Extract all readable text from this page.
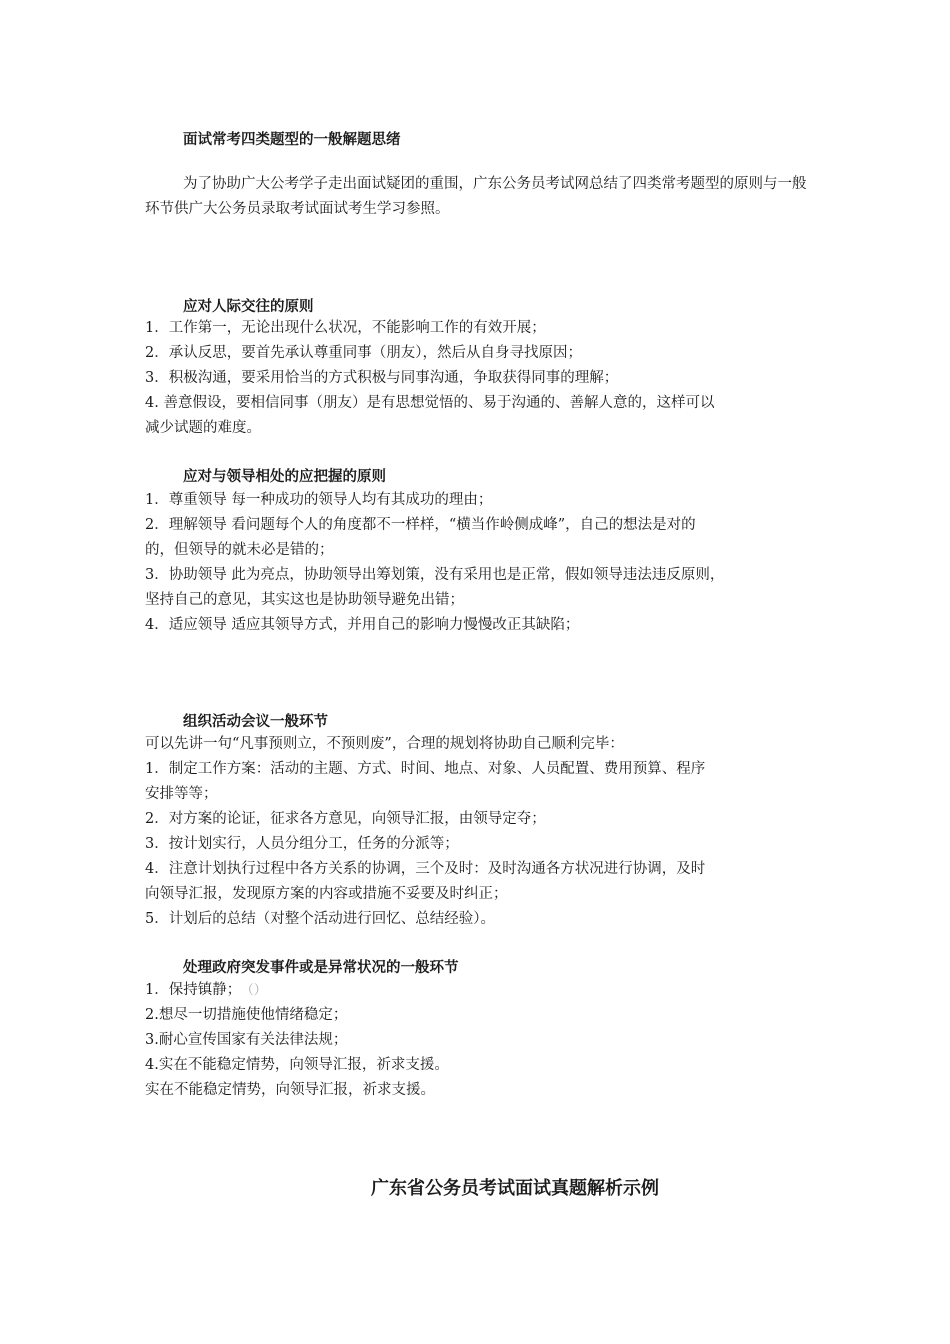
面试常考四类题型的一般解题思绪
为了协助广大公考学子走出面试疑团的重围，广东公务员考试网总结了四类常考题型的原则与一般环节供广大公务员录取考试面试考生学习参照。
应对人际交往的原则
1．工作第一，无论出现什么状况，不能影响工作的有效开展；
2．承认反思，要首先承认尊重同事（朋友），然后从自身寻找原因；
3．积极沟通，要采用恰当的方式积极与同事沟通，争取获得同事的理解；
4. 善意假设，要相信同事（朋友）是有思想觉悟的、易于沟通的、善解人意的，这样可以
减少试题的难度。
应对与领导相处的应把握的原则
1．尊重领导 每一种成功的领导人均有其成功的理由；
2．理解领导 看问题每个人的角度都不一样样，“横当作岭侧成峰”，自己的想法是对的
的，但领导的就未必是错的；
3．协助领导 此为亮点，协助领导出筹划策，没有采用也是正常，假如领导违法违反原则，
坚持自己的意见，其实这也是协助领导避免出错；
4．适应领导 适应其领导方式，并用自己的影响力慢慢改正其缺陷；
组织活动会议一般环节
可以先讲一句“凡事预则立，不预则废”，合理的规划将协助自己顺利完毕：
1．制定工作方案：活动的主题、方式、时间、地点、对象、人员配置、费用预算、程序
安排等等；
2．对方案的论证，征求各方意见，向领导汇报，由领导定夺；
3．按计划实行，人员分组分工，任务的分派等；
4．注意计划执行过程中各方关系的协调，三个及时：及时沟通各方状况进行协调，及时
向领导汇报，发现原方案的内容或措施不妥要及时纠正；
5．计划后的总结（对整个活动进行回忆、总结经验）。
处理政府突发事件或是异常状况的一般环节
1．保持镇静； （）
2.想尽一切措施使他情绪稳定；
3.耐心宣传国家有关法律法规；
4.实在不能稳定情势，向领导汇报，祈求支援。
实在不能稳定情势，向领导汇报，祈求支援。
广东省公务员考试面试真题解析示例
